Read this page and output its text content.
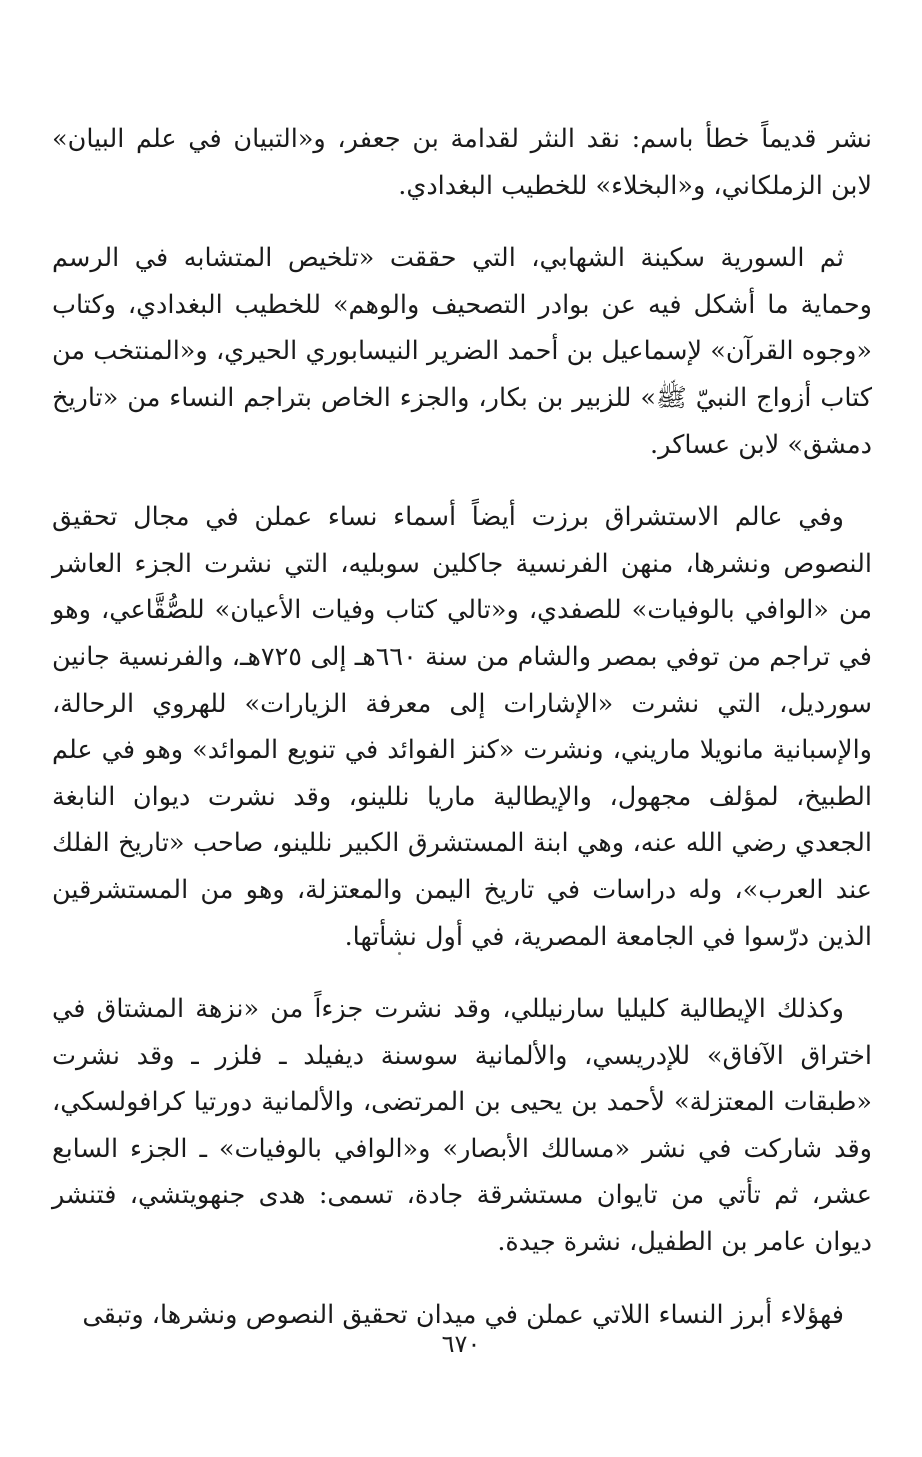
نشر قديماً خطأ باسم: نقد النثر لقدامة بن جعفر، و«التبيان في علم البيان» لابن الزملكاني، و«البخلاء» للخطيب البغدادي.

ثم السورية سكينة الشهابي، التي حققت «تلخيص المتشابه في الرسم وحماية ما أشكل فيه عن بوادر التصحيف والوهم» للخطيب البغدادي، وكتاب «وجوه القرآن» لإسماعيل بن أحمد الضرير النيسابوري الحيري، و«المنتخب من كتاب أزواج النبيّ ﷺ» للزبير بن بكار، والجزء الخاص بتراجم النساء من «تاريخ دمشق» لابن عساكر.

وفي عالم الاستشراق برزت أيضاً أسماء نساء عملن في مجال تحقيق النصوص ونشرها، منهن الفرنسية جاكلين سوبليه، التي نشرت الجزء العاشر من «الوافي بالوفيات» للصفدي، و«تالي كتاب وفيات الأعيان» للصُّقَّاعي، وهو في تراجم من توفي بمصر والشام من سنة ٦٦٠هـ إلى ٧٢٥هـ، والفرنسية جانين سورديل، التي نشرت «الإشارات إلى معرفة الزيارات» للهروي الرحالة، والإسبانية مانويلا ماريني، ونشرت «كنز الفوائد في تنويع الموائد» وهو في علم الطبيخ، لمؤلف مجهول، والإيطالية ماريا نللينو، وقد نشرت ديوان النابغة الجعدي رضي الله عنه، وهي ابنة المستشرق الكبير نللينو، صاحب «تاريخ الفلك عند العرب»، وله دراسات في تاريخ اليمن والمعتزلة، وهو من المستشرقين الذين درّسوا في الجامعة المصرية، في أول نشأتها.

وكذلك الإيطالية كليليا سارنيللي، وقد نشرت جزءاً من «نزهة المشتاق في اختراق الآفاق» للإدريسي، والألمانية سوسنة ديفيلد ـ فلزر ـ وقد نشرت «طبقات المعتزلة» لأحمد بن يحيى بن المرتضى، والألمانية دورتيا كرافولسكي، وقد شاركت في نشر «مسالك الأبصار» و«الوافي بالوفيات» ـ الجزء السابع عشر، ثم تأتي من تايوان مستشرقة جادة، تسمى: هدى جنهويتشي، فتنشر ديوان عامر بن الطفيل، نشرة جيدة.

فهؤلاء أبرز النساء اللاتي عملن في ميدان تحقيق النصوص ونشرها، وتبقى

٦٧٠
